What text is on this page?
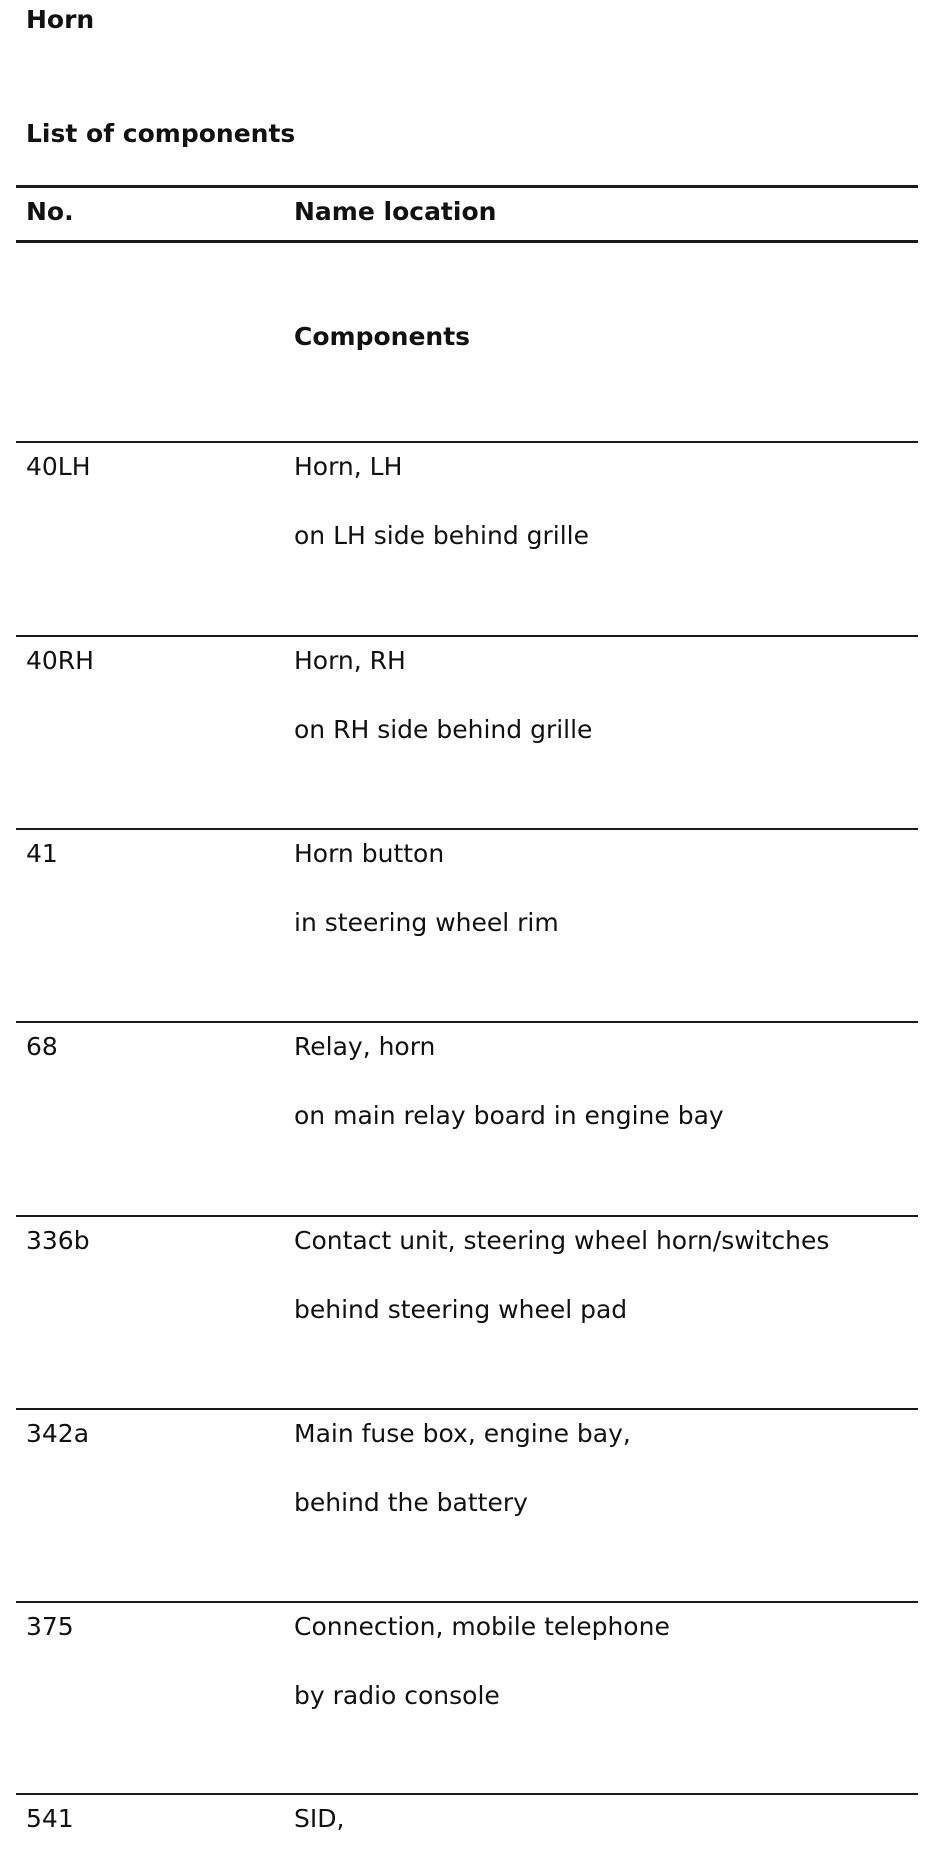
Horn
List of components
No.	Name location
Components
40LH	Horn, LH
on LH side behind grille
40RH	Horn, RH
on RH side behind grille
41	Horn button
in steering wheel rim
68	Relay, horn
on main relay board in engine bay
336b	Contact unit, steering wheel horn/switches
behind steering wheel pad
342a	Main fuse box, engine bay,
behind the battery
375	Connection, mobile telephone
by radio console
541	SID,
